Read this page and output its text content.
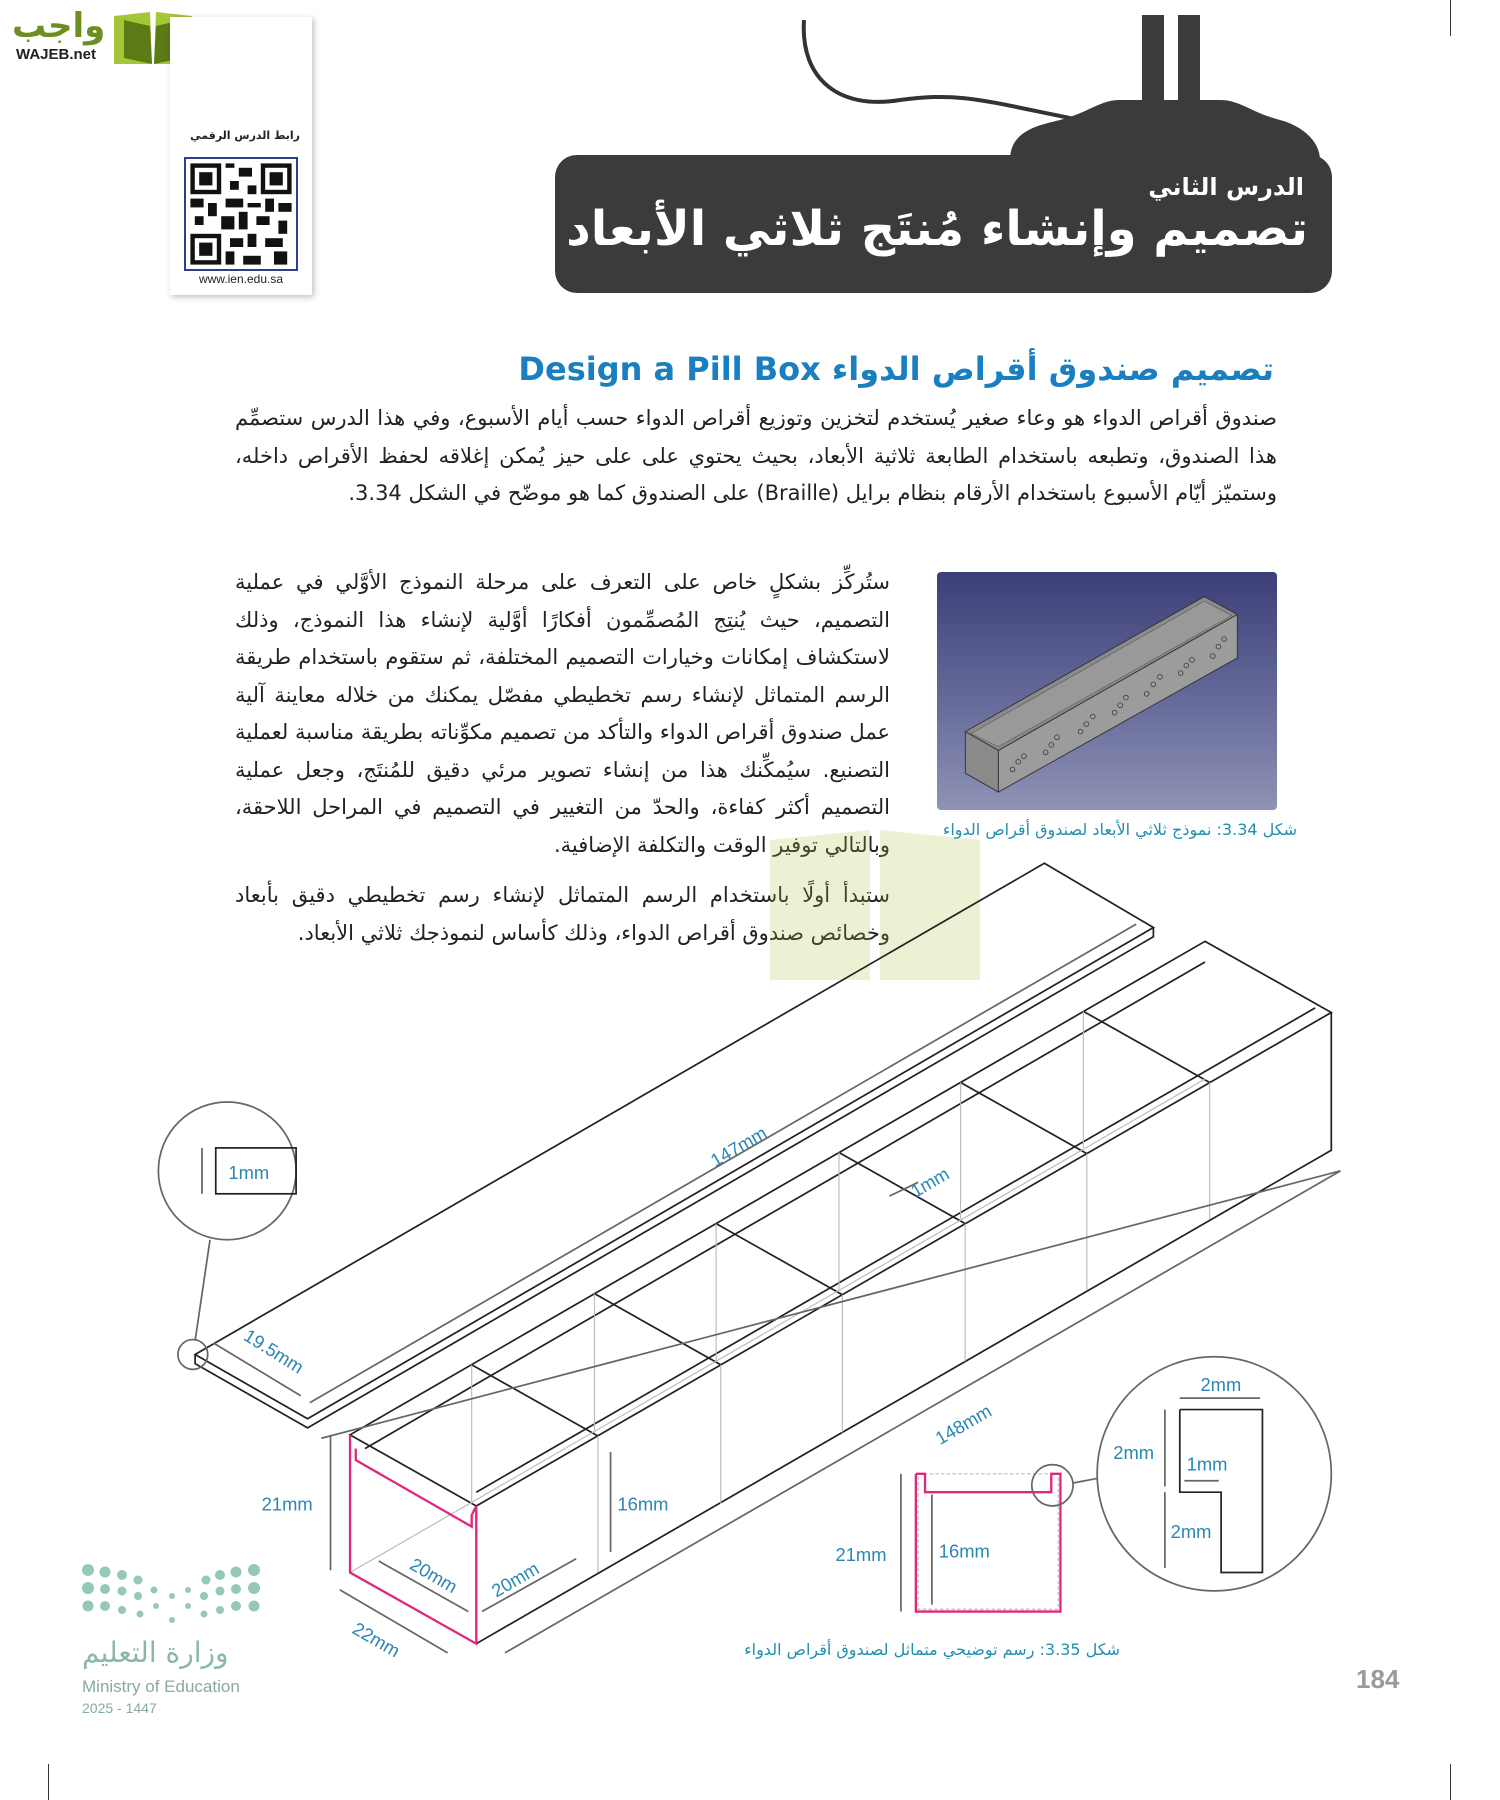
واجب
WAJEB.net
رابط الدرس الرقمي
www.ien.edu.sa
الدرس الثاني
تصميم وإنشاء مُنتَج ثلاثي الأبعاد
تصميم صندوق أقراص الدواء Design a Pill Box

صندوق أقراص الدواء هو وعاء صغير يُستخدم لتخزين وتوزيع أقراص الدواء حسب أيام الأسبوع، وفي هذا الدرس ستصمِّم هذا الصندوق، وتطبعه باستخدام الطابعة ثلاثية الأبعاد، بحيث يحتوي على على حيز يُمكن إغلاقه لحفظ الأقراص داخله، وستميّز أيّام الأسبوع باستخدام الأرقام بنظام برايل (Braille) على الصندوق كما هو موضّح في الشكل 3.34.

ستُركِّز بشكلٍ خاص على التعرف على مرحلة النموذج الأوَّلي في عملية التصميم، حيث يُنتِج المُصمِّمون أفكارًا أوَّلية لإنشاء هذا النموذج، وذلك لاستكشاف إمكانات وخيارات التصميم المختلفة، ثم ستقوم باستخدام طريقة الرسم المتماثل لإنشاء رسم تخطيطي مفصّل يمكنك من خلاله معاينة آلية عمل صندوق أقراص الدواء والتأكد من تصميم مكوِّناته بطريقة مناسبة لعملية التصنيع. سيُمكِّنك هذا من إنشاء تصوير مرئي دقيق للمُنتَج، وجعل عملية التصميم أكثر كفاءة، والحدّ من التغيير في التصميم في المراحل اللاحقة، وبالتالي توفير الوقت والتكلفة الإضافية.

ستبدأ أولًا باستخدام الرسم المتماثل لإنشاء رسم تخطيطي دقيق بأبعاد وخصائص صندوق أقراص الدواء، وذلك كأساس لنموذجك ثلاثي الأبعاد.

شكل 3.34: نموذج ثلاثي الأبعاد لصندوق أقراص الدواء
1mm
147mm
19.5mm
1mm
148mm
21mm	16mm
20mm 20mm
22mm
21mm	16mm
2mm
2mm
1mm
2mm
شكل 3.35: رسم توضيحي متماثل لصندوق أقراص الدواء
وزارة التعليم
Ministry of Education
2025 - 1447
184
